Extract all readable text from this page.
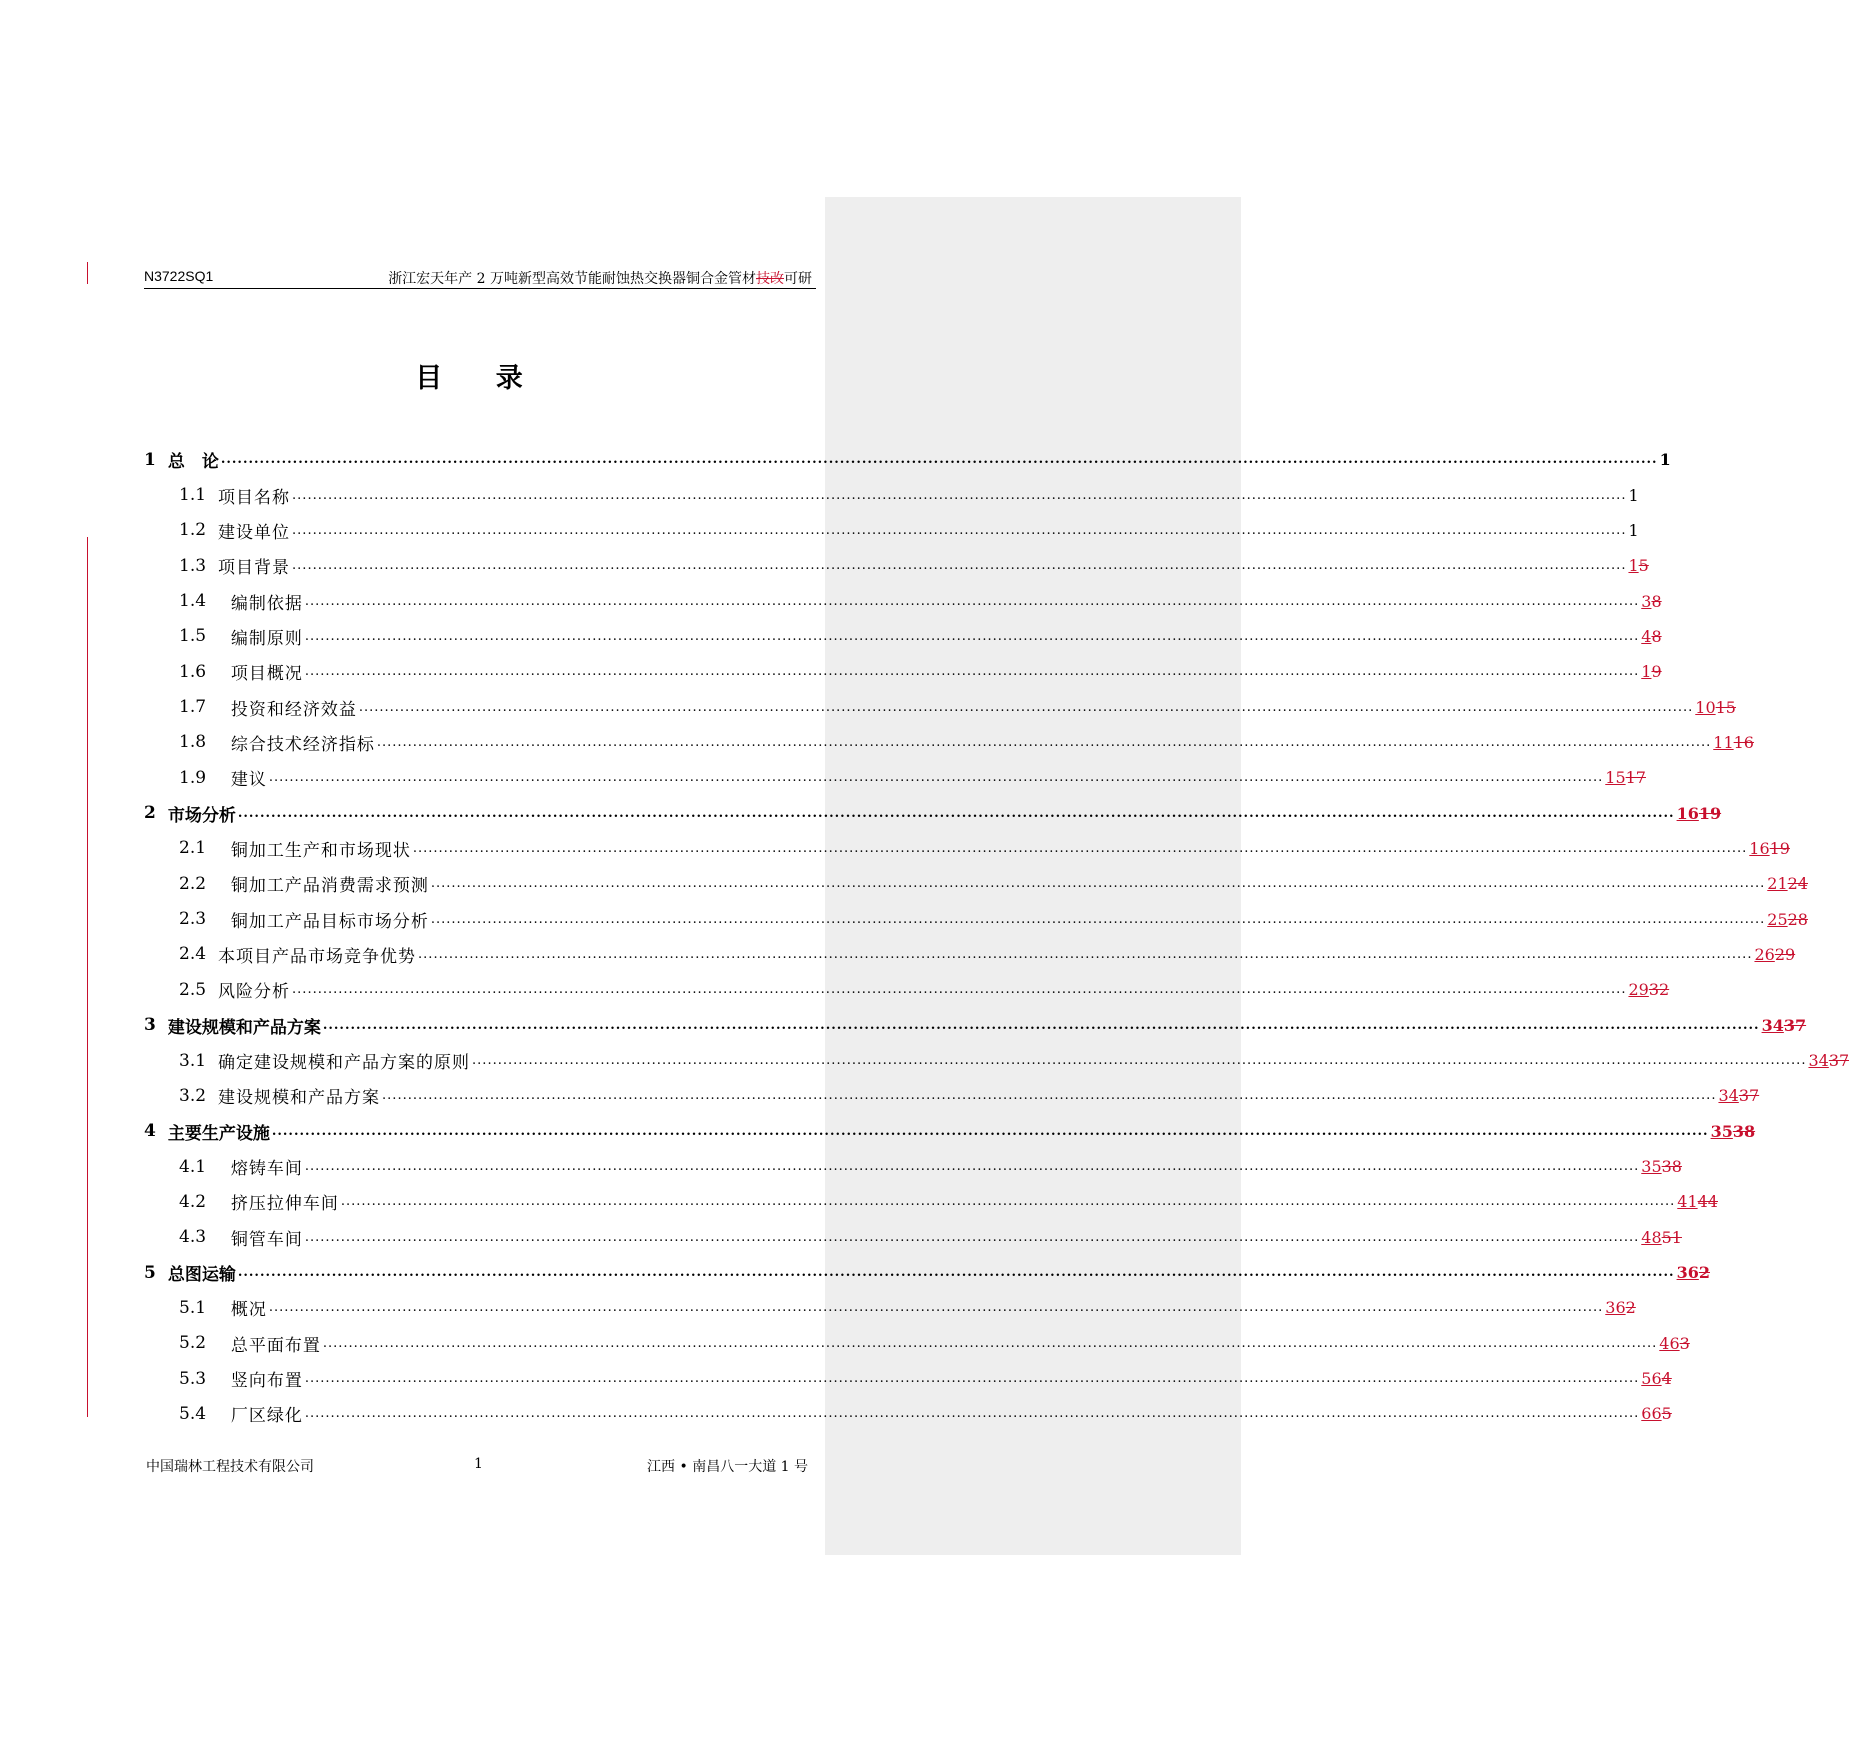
N3722SQ1	浙江宏天年产 2 万吨新型高效节能耐蚀热交换器铜合金管材技改可研
目 录
1 总　论 .................................................................................................................................................................................................................................................................... 1
1.1 项目名称 .................................................................................................................................................................................................................................................................... 1
1.2 建设单位 .................................................................................................................................................................................................................................................................... 1
1.3 项目背景 .................................................................................................................................................................................................................................................................... 15
1.4 编制依据 .................................................................................................................................................................................................................................................................... 38
1.5 编制原则 .................................................................................................................................................................................................................................................................... 48
1.6 项目概况 .................................................................................................................................................................................................................................................................... 19
1.7 投资和经济效益 .................................................................................................................................................................................................................................................................... 1015
1.8 综合技术经济指标 .................................................................................................................................................................................................................................................................... 1116
1.9 建议 .................................................................................................................................................................................................................................................................... 1517
2 市场分析 .................................................................................................................................................................................................................................................................... 1619
2.1 铜加工生产和市场现状 .................................................................................................................................................................................................................................................................... 1619
2.2 铜加工产品消费需求预测 .................................................................................................................................................................................................................................................................... 2124
2.3 铜加工产品目标市场分析 .................................................................................................................................................................................................................................................................... 2528
2.4 本项目产品市场竞争优势 .................................................................................................................................................................................................................................................................... 2629
2.5 风险分析 .................................................................................................................................................................................................................................................................... 2932
3 建设规模和产品方案 .................................................................................................................................................................................................................................................................... 3437
3.1 确定建设规模和产品方案的原则 .................................................................................................................................................................................................................................................................... 3437
3.2 建设规模和产品方案 .................................................................................................................................................................................................................................................................... 3437
4 主要生产设施 .................................................................................................................................................................................................................................................................... 3538
4.1 熔铸车间 .................................................................................................................................................................................................................................................................... 3538
4.2 挤压拉伸车间 .................................................................................................................................................................................................................................................................... 4144
4.3 铜管车间 .................................................................................................................................................................................................................................................................... 4851
5 总图运输 .................................................................................................................................................................................................................................................................... 362
5.1 概况 .................................................................................................................................................................................................................................................................... 362
5.2 总平面布置 .................................................................................................................................................................................................................................................................... 463
5.3 竖向布置 .................................................................................................................................................................................................................................................................... 564
5.4 厂区绿化 .................................................................................................................................................................................................................................................................... 665
中国瑞林工程技术有限公司	1	江西 • 南昌八一大道 1 号
